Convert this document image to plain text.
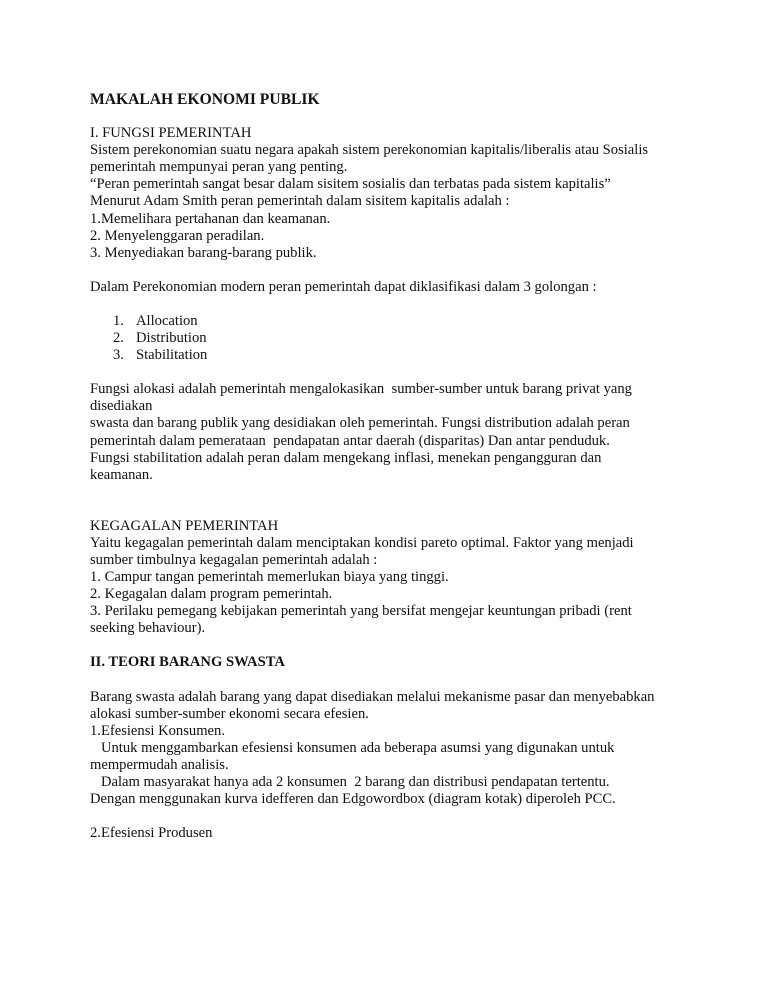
MAKALAH EKONOMI PUBLIK

I. FUNGSI PEMERINTAH

Sistem perekonomian suatu negara apakah sistem perekonomian kapitalis/liberalis atau Sosialis

pemerintah mempunyai peran yang penting.

“Peran pemerintah sangat besar dalam sisitem sosialis dan terbatas pada sistem kapitalis”

Menurut Adam Smith peran pemerintah dalam sisitem kapitalis adalah :

1.Memelihara pertahanan dan keamanan.

2. Menyelenggaran peradilan.

3. Menyediakan barang-barang publik.

Dalam Perekonomian modern peran pemerintah dapat diklasifikasi dalam 3 golongan :

1. Allocation
2. Distribution
3. Stabilitation

Fungsi alokasi adalah pemerintah mengalokasikan  sumber-sumber untuk barang privat yang

disediakan

swasta dan barang publik yang desidiakan oleh pemerintah. Fungsi distribution adalah peran

pemerintah dalam pemerataan  pendapatan antar daerah (disparitas) Dan antar penduduk.

Fungsi stabilitation adalah peran dalam mengekang inflasi, menekan pengangguran dan

keamanan.

KEGAGALAN PEMERINTAH

Yaitu kegagalan pemerintah dalam menciptakan kondisi pareto optimal. Faktor yang menjadi

sumber timbulnya kegagalan pemerintah adalah :

1. Campur tangan pemerintah memerlukan biaya yang tinggi.

2. Kegagalan dalam program pemerintah.

3. Perilaku pemegang kebijakan pemerintah yang bersifat mengejar keuntungan pribadi (rent

seeking behaviour).

II. TEORI BARANG SWASTA

Barang swasta adalah barang yang dapat disediakan melalui mekanisme pasar dan menyebabkan

alokasi sumber-sumber ekonomi secara efesien.

1.Efesiensi Konsumen.

Untuk menggambarkan efesiensi konsumen ada beberapa asumsi yang digunakan untuk

mempermudah analisis.

Dalam masyarakat hanya ada 2 konsumen  2 barang dan distribusi pendapatan tertentu.

Dengan menggunakan kurva idefferen dan Edgowordbox (diagram kotak) diperoleh PCC.

2.Efesiensi Produsen
